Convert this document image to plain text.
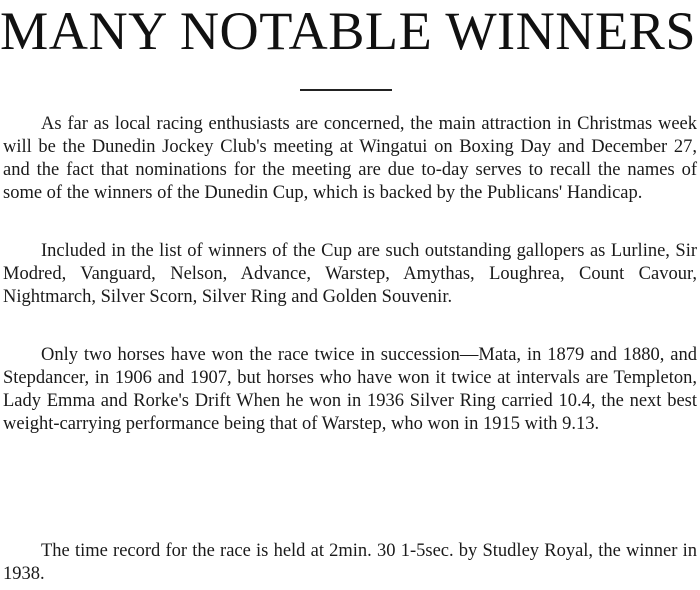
MANY NOTABLE WINNERS

As far as local racing enthusiasts are concerned, the main attraction in Christmas week will be the Dunedin Jockey Club's meeting at Wingatui on Boxing Day and December 27, and the fact that nominations for the meeting are due to-day serves to recall the names of some of the winners of the Dunedin Cup, which is backed by the Publicans' Handicap.

Included in the list of winners of the Cup are such outstanding gallopers as Lurline, Sir Modred, Vanguard, Nelson, Advance, Warstep, Amythas, Loughrea, Count Cavour, Nightmarch, Silver Scorn, Silver Ring and Golden Souvenir.

Only two horses have won the race twice in succession—Mata, in 1879 and 1880, and Stepdancer, in 1906 and 1907, but horses who have won it twice at intervals are Templeton, Lady Emma and Rorke's Drift When he won in 1936 Silver Ring carried 10.4, the next best weight-carrying performance being that of Warstep, who won in 1915 with 9.13.

The time record for the race is held at 2min. 30 1-5sec. by Studley Royal, the winner in 1938.
